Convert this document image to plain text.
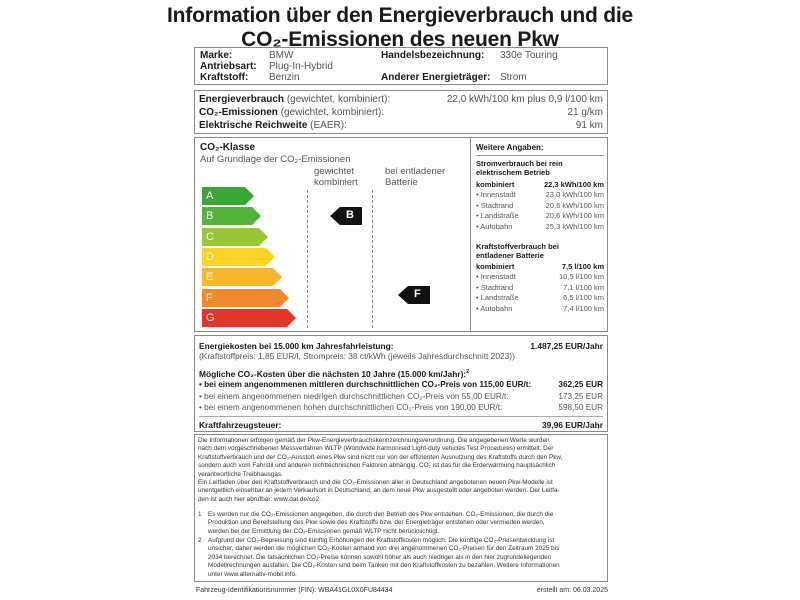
Information über den Energieverbrauch und die
CO₂-Emissionen des neuen Pkw
Marke:	BMW
Antriebsart: Plug-In-Hybrid
Kraftstoff: Benzin
Handelsbezeichnung: 330e Touring
Anderer Energieträger: Strom
Energieverbrauch (gewichtet, kombiniert):	22,0 kWh/100 km plus 0,9 l/100 km
CO₂-Emissionen (gewichtet, kombiniert):	21 g/km
Elektrische Reichweite (EAER):	91 km
CO₂-Klasse
Auf Grundlage der CO₂-Emissionen
gewichtet
kombiniert
bei entladener
Batterie
A
B
C
D
E
F
G
B
F
Weitere Angaben:
Stromverbrauch bei rein
elektrischem Betrieb
kombiniert	22,3 kWh/100 km
• Innenstadt	23,0 kWh/100 km
• Stadtrand	20,6 kWh/100 km
• Landstraße	20,6 kWh/100 km
• Autobahn	25,3 kWh/100 km
Kraftstoffverbrauch bei
entladener Batterie
kombiniert	7,5 l/100 km
• Innenstadt	10,5 l/100 km
• Stadtrand	7,1 l/100 km
• Landstraße	6,5 l/100 km
• Autobahn	7,4 l/100 km
Energiekosten bei 15.000 km Jahresfahrleistung:	1.487,25 EUR/Jahr
(Kraftstoffpreis: 1,85 EUR/l, Strompreis: 38 ct/kWh (jeweils Jahresdurchschnitt 2023))
Mögliche CO₂-Kosten über die nächsten 10 Jahre (15.000 km/Jahr):$^2$
• bei einem angenommenen mittleren durchschnittlichen CO₂-Preis von 115,00 EUR/t:	362,25 EUR
• bei einem angenommenen niedrigen durchschnittlichen CO₂-Preis von 55,00 EUR/t:	173,25 EUR
• bei einem angenommenen hohen durchschnittlichen CO₂-Preis von 190,00 EUR/t:	598,50 EUR
Kraftfahrzeugsteuer:	39,96 EUR/Jahr
Die Informationen erfolgen gemäß der Pkw-Energieverbrauchskennzeichnungsverordnung. Die angegebenen Werte wurden
nach dem vorgeschriebenen Messverfahren WLTP (Worldwide harmonised Light-duty vehicles Test Procedures) ermittelt. Der
Kraftstoffverbrauch und der CO₂-Ausstoß eines Pkw sind nicht nur von der effizienten Ausnutzung des Kraftstoffs durch den Pkw,
sondern auch vom Fahrstil und anderen nichttechnischen Faktoren abhängig. CO₂ ist das für die Erderwärmung hauptsächlich
verantwortliche Treibhausgas.
Ein Leitfaden über den Kraftstoffverbrauch und die CO₂-Emissionen aller in Deutschland angebotenen neuen Pkw-Modelle ist
unentgeltlich einsehbar an jedem Verkaufsort in Deutschland, an dem neue Pkw ausgestellt oder angeboten werden. Der Leitfa-
den ist auch hier abrufbar: www.dat.de/co2.
1 Es werden nur die CO₂-Emissionen angegeben, die durch den Betrieb des Pkw entstehen. CO₂-Emissionen, die durch die
Produktion und Bereitstellung des Pkw sowie des Kraftstoffs bzw. der Energieträger entstehen oder vermieden werden,
werden bei der Ermittlung der CO₂-Emissionen gemäß WLTP nicht berücksichtigt.
2 Aufgrund der CO₂-Bepreisung sind künftig Erhöhungen der Kraftstoffkosten möglich. Die künftige CO₂-Preisentwicklung ist
unsicher, daher werden die möglichen CO₂-Kosten anhand von drei angenommenen CO₂-Preisen für den Zeitraum 2025 bis
2034 berechnet. Die tatsächlichen CO₂-Preise können sowohl höher als auch niedriger als in den hier zugrundeliegenden
Modellrechnungen ausfallen. Die CO₂-Kosten sind beim Tanken mit den Kraftstoffkosten zu bezahlen. Weitere Informationen
unter www.alternativ-mobil.info.
Fahrzeug-Identifikationsnummer (FIN): WBA41GL0X0FU84434	erstellt am: 06.03.2025
